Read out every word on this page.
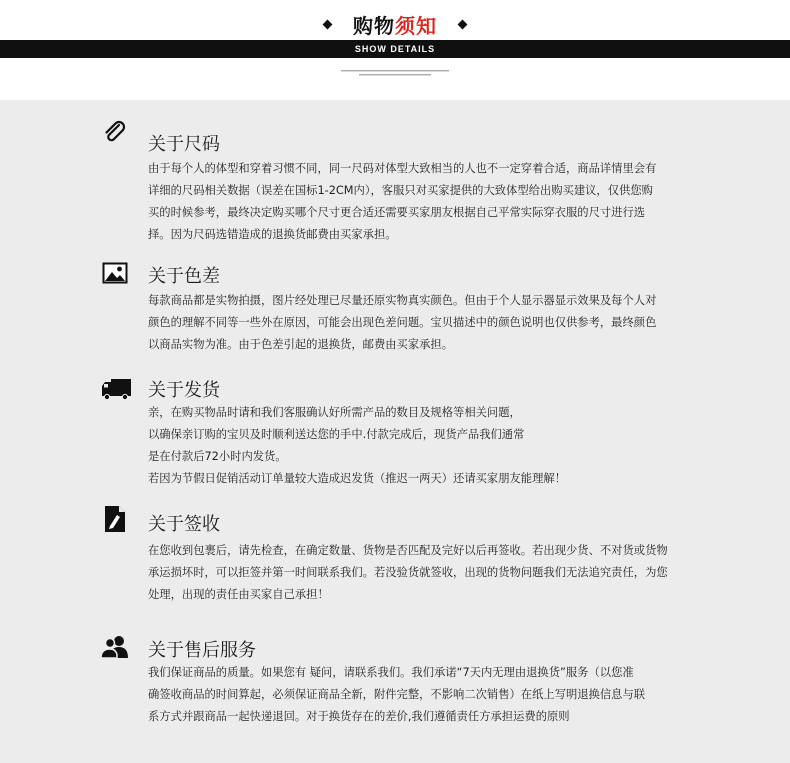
购物须知
SHOW DETAILS
关于尺码

由于每个人的体型和穿着习惯不同，同一尺码对体型大致相当的人也不一定穿着合适，商品详情里会有

详细的尺码相关数据（误差在国标1-2CM内），客服只对买家提供的大致体型给出购买建议，仅供您购

买的时候参考，最终决定购买哪个尺寸更合适还需要买家朋友根据自己平常实际穿衣服的尺寸进行选

择。因为尺码选错造成的退换货邮费由买家承担。

关于色差

每款商品都是实物拍摄，图片经处理已尽量还原实物真实颜色。但由于个人显示器显示效果及每个人对

颜色的理解不同等一些外在原因，可能会出现色差问题。宝贝描述中的颜色说明也仅供参考，最终颜色

以商品实物为准。由于色差引起的退换货，邮费由买家承担。

关于发货

亲，在购买物品时请和我们客服确认好所需产品的数目及规格等相关问题，

以确保亲订购的宝贝及时顺利送达您的手中.付款完成后，现货产品我们通常

是在付款后72小时内发货。

若因为节假日促销活动订单量较大造成迟发货（推迟一两天）还请买家朋友能理解！

关于签收

在您收到包裹后，请先检查，在确定数量、货物是否匹配及完好以后再签收。若出现少货、不对货或货物

承运损坏时，可以拒签并第一时间联系我们。若没验货就签收，出现的货物问题我们无法追究责任，为您

处理，出现的责任由买家自己承担！

关于售后服务

我们保证商品的质量。如果您有 疑问，请联系我们。我们承诺“7天内无理由退换货”服务（以您准

确签收商品的时间算起，必须保证商品全新，附件完整，不影响二次销售）在纸上写明退换信息与联

系方式并跟商品一起快递退回。对于换货存在的差价,我们遵循责任方承担运费的原则
